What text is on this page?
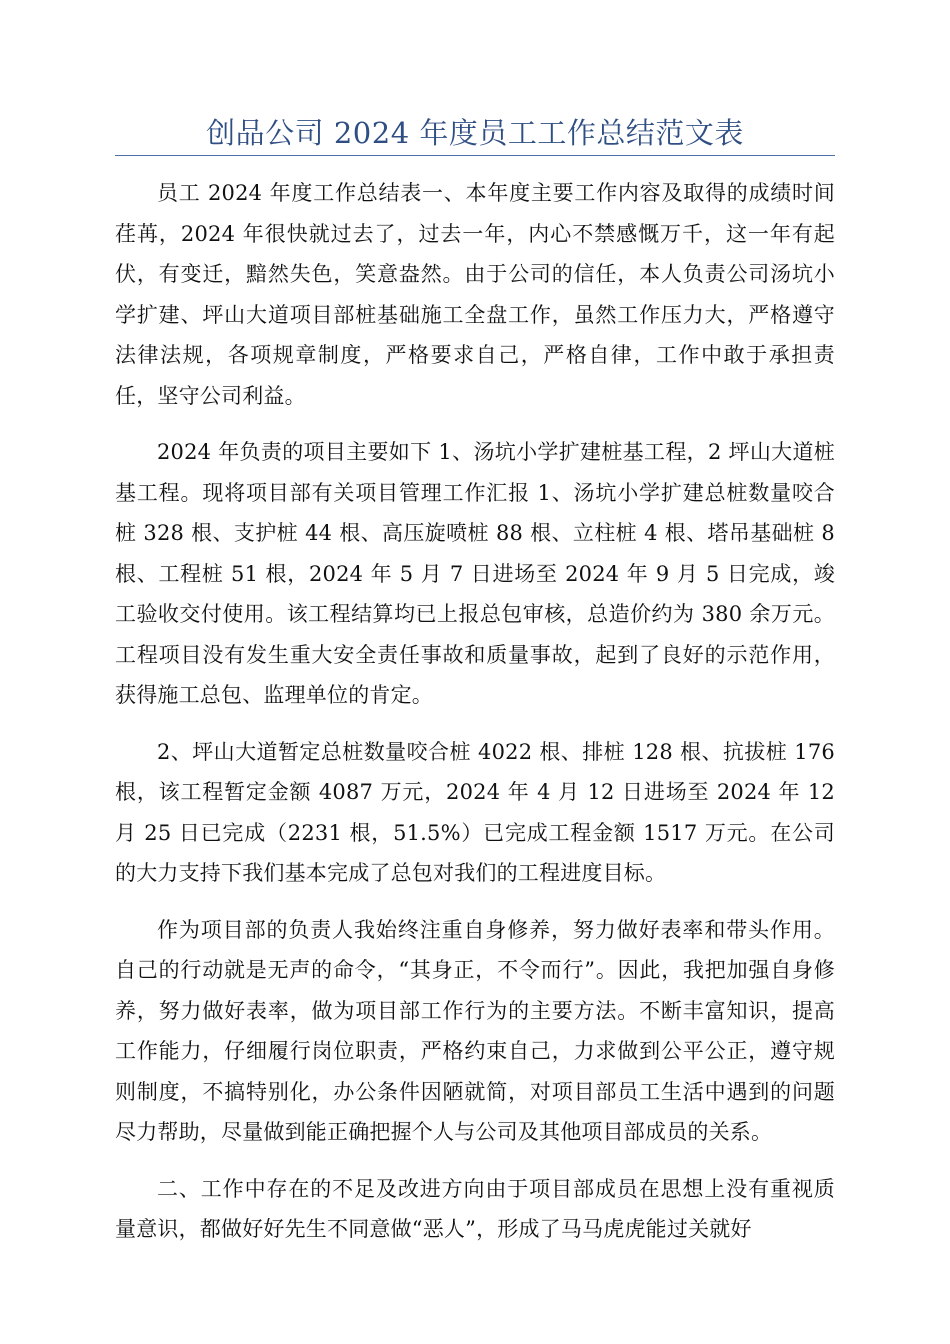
创品公司 2024 年度员工工作总结范文表

员工 2024 年度工作总结表一、本年度主要工作内容及取得的成绩时间荏苒，2024 年很快就过去了，过去一年，内心不禁感慨万千，这一年有起伏，有变迁，黯然失色，笑意盎然。由于公司的信任，本人负责公司汤坑小学扩建、坪山大道项目部桩基础施工全盘工作，虽然工作压力大，严格遵守法律法规，各项规章制度，严格要求自己，严格自律，工作中敢于承担责任，坚守公司利益。

2024 年负责的项目主要如下 1、汤坑小学扩建桩基工程，2 坪山大道桩基工程。现将项目部有关项目管理工作汇报 1、汤坑小学扩建总桩数量咬合桩 328 根、支护桩 44 根、高压旋喷桩 88 根、立柱桩 4 根、塔吊基础桩 8 根、工程桩 51 根，2024 年 5 月 7 日进场至 2024 年 9 月 5 日完成，竣工验收交付使用。该工程结算均已上报总包审核，总造价约为 380 余万元。工程项目没有发生重大安全责任事故和质量事故，起到了良好的示范作用，获得施工总包、监理单位的肯定。

2、坪山大道暂定总桩数量咬合桩 4022 根、排桩 128 根、抗拔桩 176 根，该工程暂定金额 4087 万元，2024 年 4 月 12 日进场至 2024 年 12 月 25 日已完成（2231 根，51.5%）已完成工程金额 1517 万元。在公司的大力支持下我们基本完成了总包对我们的工程进度目标。

作为项目部的负责人我始终注重自身修养，努力做好表率和带头作用。自己的行动就是无声的命令，“其身正，不令而行”。因此，我把加强自身修养，努力做好表率，做为项目部工作行为的主要方法。不断丰富知识，提高工作能力，仔细履行岗位职责，严格约束自己，力求做到公平公正，遵守规则制度，不搞特别化，办公条件因陋就简，对项目部员工生活中遇到的问题尽力帮助，尽量做到能正确把握个人与公司及其他项目部成员的关系。

二、工作中存在的不足及改进方向由于项目部成员在思想上没有重视质量意识，都做好好先生不同意做“恶人”，形成了马马虎虎能过关就好
